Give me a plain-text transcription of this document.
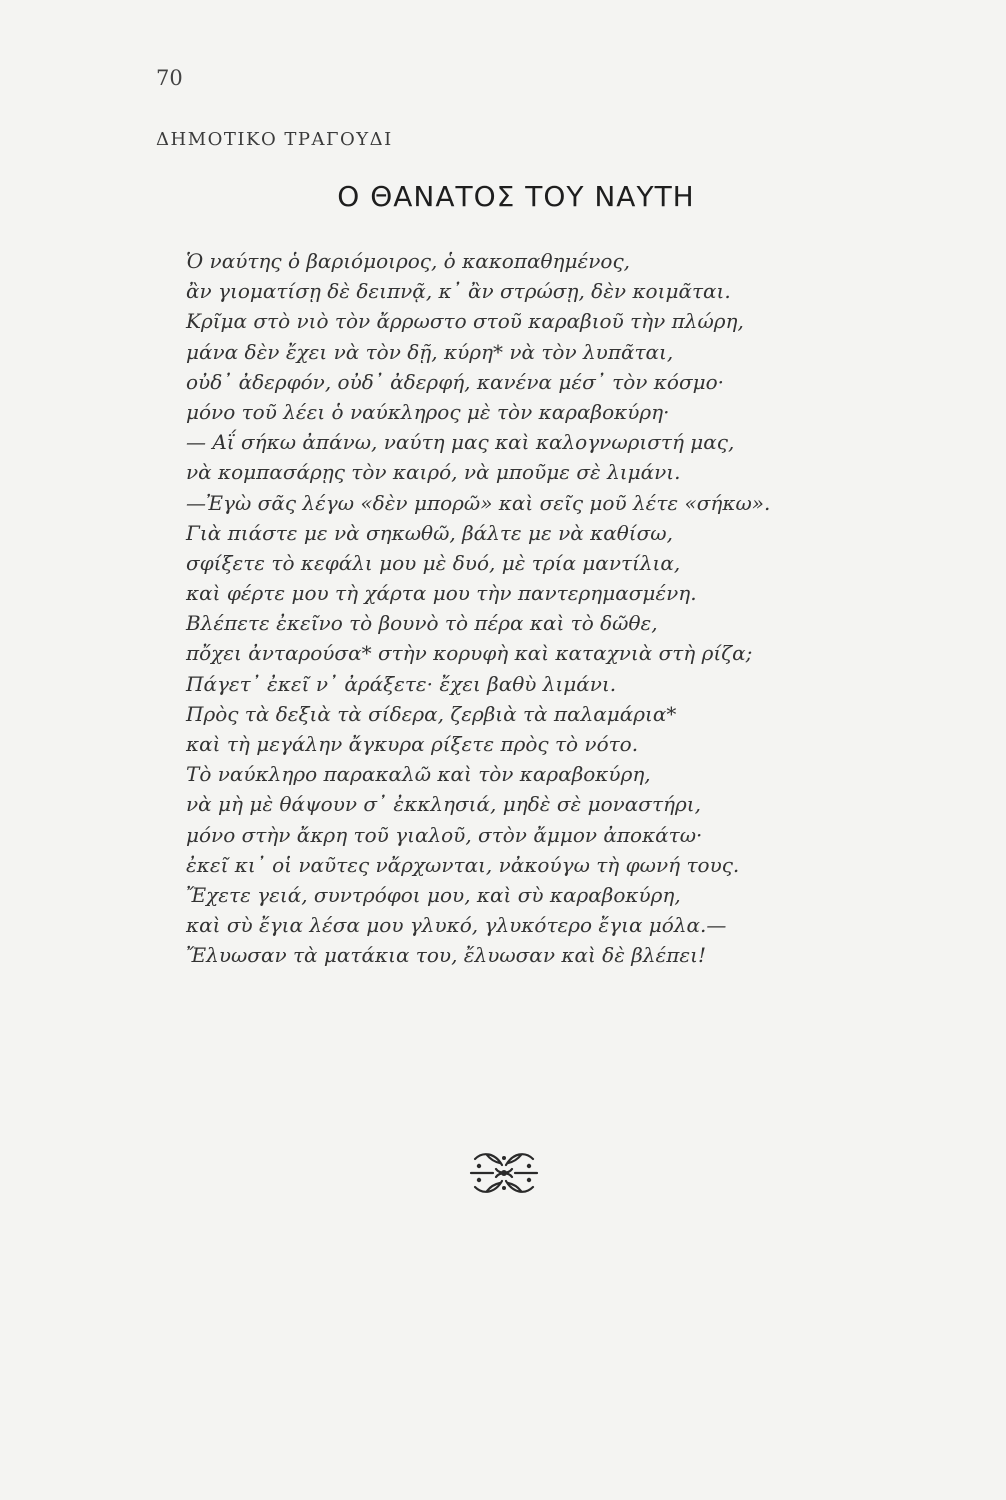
70
ΔΗΜΟΤΙΚΟ ΤΡΑΓΟΥΔΙ
Ο ΘΑΝΑΤΟΣ ΤΟΥ ΝΑΥΤΗ
Ὁ ναύτης ὁ βαριόμοιρος, ὁ κακοπαθημένος,
ἂν γιοματίσῃ δὲ δειπνᾷ, κ᾽ ἂν στρώσῃ, δὲν κοιμᾶται.
Κρῖμα στὸ νιὸ τὸν ἄρρωστο στοῦ καραβιοῦ τὴν πλώρη,
μάνα δὲν ἔχει νὰ τὸν δῇ, κύρη* νὰ τὸν λυπᾶται,
οὐδ᾽ ἀδερφόν, οὐδ᾽ ἀδερφή, κανένα μέσ᾽ τὸν κόσμο·
μόνο τοῦ λέει ὁ ναύκληρος μὲ τὸν καραβοκύρη·
— Αΐ σήκω ἀπάνω, ναύτη μας καὶ καλογνωριστή μας,
νὰ κομπασάρῃς τὸν καιρό, νὰ μποῦμε σὲ λιμάνι.
—Ἐγὼ σᾶς λέγω «δὲν μπορῶ» καὶ σεῖς μοῦ λέτε «σήκω».
Γιὰ πιάστε με νὰ σηκωθῶ, βάλτε με νὰ καθίσω,
σφίξετε τὸ κεφάλι μου μὲ δυό, μὲ τρία μαντίλια,
καὶ φέρτε μου τὴ χάρτα μου τὴν παντερημασμένη.
Βλέπετε ἐκεῖνο τὸ βουνὸ τὸ πέρα καὶ τὸ δῶθε,
πὄχει ἀνταρούσα* στὴν κορυφὴ καὶ καταχνιὰ στὴ ρίζα;
Πάγετ᾽ ἐκεῖ ν᾽ ἀράξετε· ἔχει βαθὺ λιμάνι.
Πρὸς τὰ δεξιὰ τὰ σίδερα, ζερβιὰ τὰ παλαμάρια*
καὶ τὴ μεγάλην ἄγκυρα ρίξετε πρὸς τὸ νότο.
Τὸ ναύκληρο παρακαλῶ καὶ τὸν καραβοκύρη,
νὰ μὴ μὲ θάψουν σ᾽ ἐκκλησιά, μηδὲ σὲ μοναστήρι,
μόνο στὴν ἄκρη τοῦ γιαλοῦ, στὸν ἄμμον ἀποκάτω·
ἐκεῖ κι᾽ οἱ ναῦτες νἄρχωνται, νἀκούγω τὴ φωνή τους.
Ἔχετε γειά, συντρόφοι μου, καὶ σὺ καραβοκύρη,
καὶ σὺ ἔγια λέσα μου γλυκό, γλυκότερο ἔγια μόλα.—
Ἔλυωσαν τὰ ματάκια του, ἔλυωσαν καὶ δὲ βλέπει!
